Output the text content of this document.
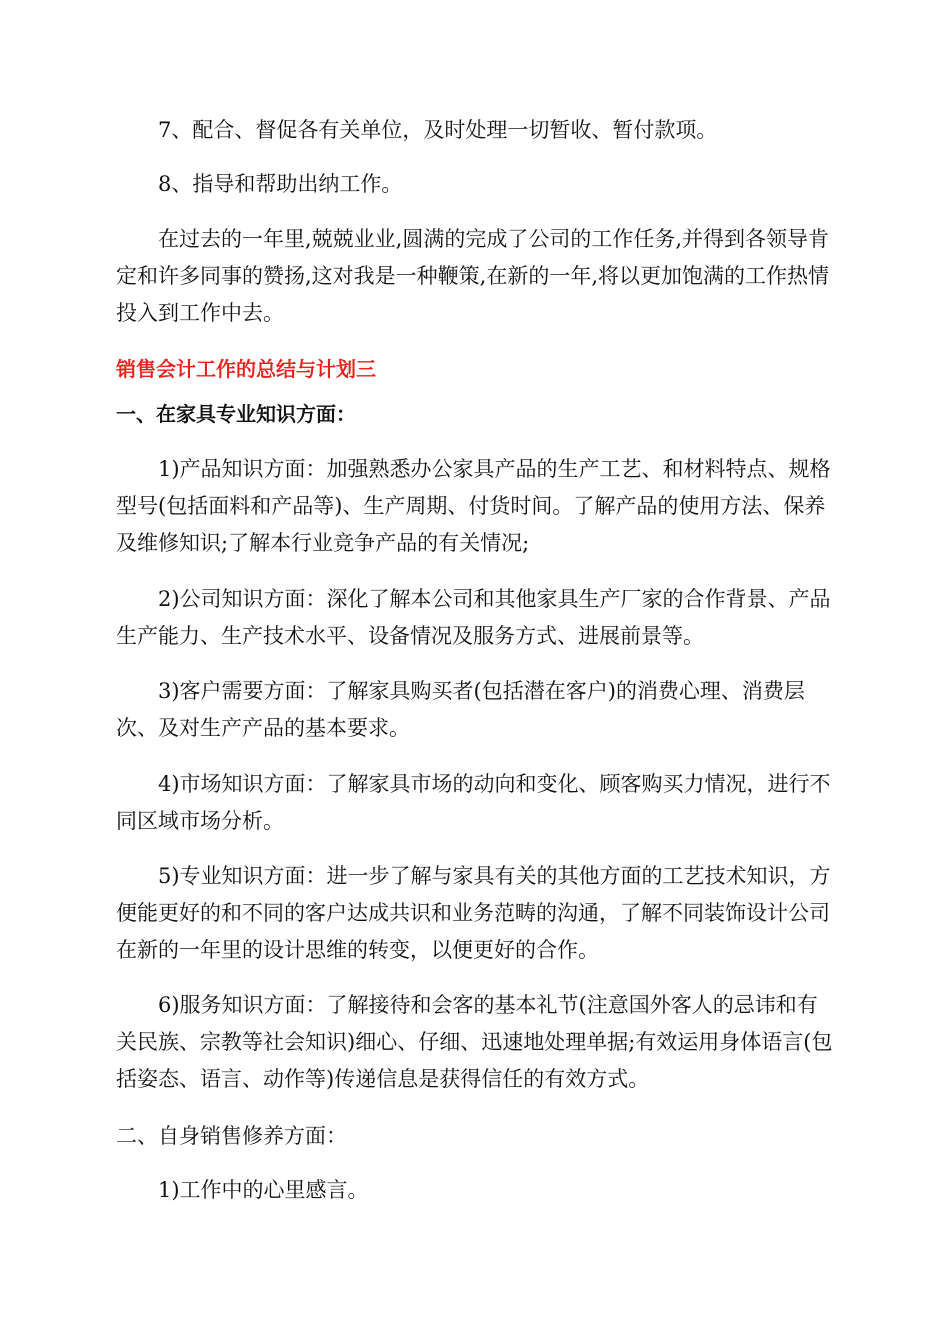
7、配合、督促各有关单位，及时处理一切暂收、暂付款项。

8、指导和帮助出纳工作。

在过去的一年里,兢兢业业,圆满的完成了公司的工作任务,并得到各领导肯定和许多同事的赞扬,这对我是一种鞭策,在新的一年,将以更加饱满的工作热情投入到工作中去。

销售会计工作的总结与计划三

一、在家具专业知识方面：

1)产品知识方面：加强熟悉办公家具产品的生产工艺、和材料特点、规格型号(包括面料和产品等)、生产周期、付货时间。了解产品的使用方法、保养及维修知识;了解本行业竞争产品的有关情况;

2)公司知识方面：深化了解本公司和其他家具生产厂家的合作背景、产品生产能力、生产技术水平、设备情况及服务方式、进展前景等。

3)客户需要方面：了解家具购买者(包括潜在客户)的消费心理、消费层次、及对生产产品的基本要求。

4)市场知识方面：了解家具市场的动向和变化、顾客购买力情况，进行不同区域市场分析。

5)专业知识方面：进一步了解与家具有关的其他方面的工艺技术知识，方便能更好的和不同的客户达成共识和业务范畴的沟通，了解不同装饰设计公司在新的一年里的设计思维的转变，以便更好的合作。

6)服务知识方面：了解接待和会客的基本礼节(注意国外客人的忌讳和有关民族、宗教等社会知识)细心、仔细、迅速地处理单据;有效运用身体语言(包括姿态、语言、动作等)传递信息是获得信任的有效方式。

二、自身销售修养方面：

1)工作中的心里感言。
